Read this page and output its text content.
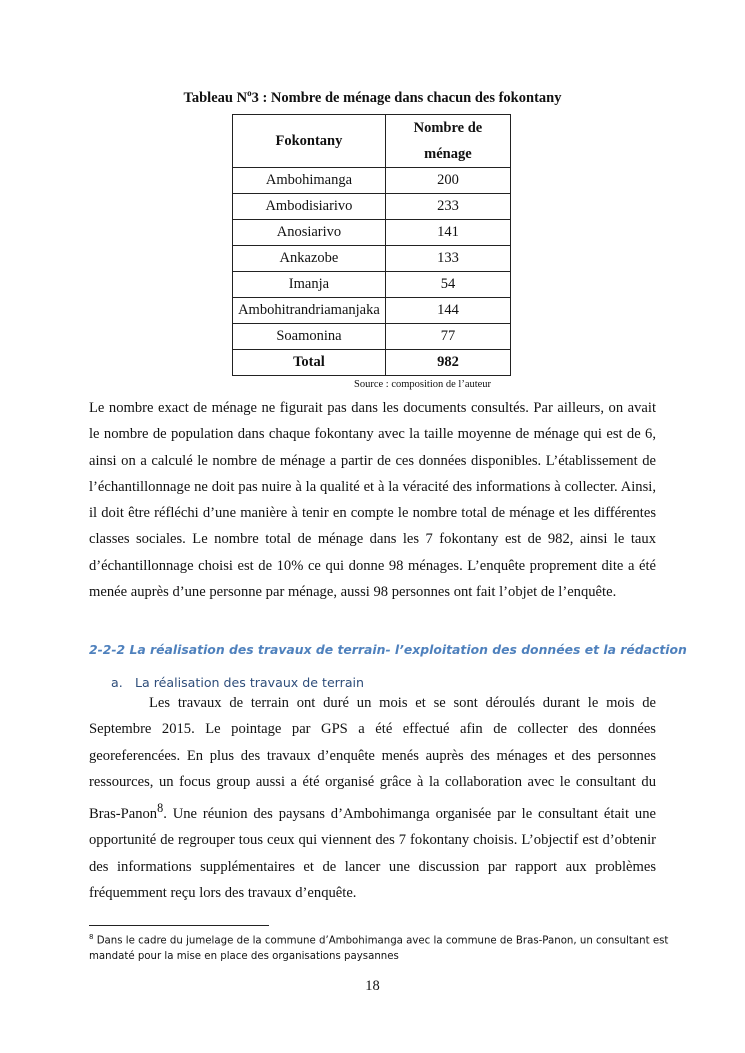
Tableau $N^o3$ : Nombre de ménage dans chacun des fokontany
Fokontany	Nombre de
ménage
Ambohimanga	200
Ambodisiarivo	233
Anosiarivo	141
Ankazobe	133
Imanja	54
Ambohitrandriamanjaka	144
Soamonina	77
Total	982
Source : composition de l’auteur

Le nombre exact de ménage ne figurait pas dans les documents consultés. Par ailleurs, on avait le nombre de population dans chaque fokontany avec la taille moyenne de ménage qui est de 6, ainsi on a calculé le nombre de ménage a partir de ces données disponibles. L’établissement de l’échantillonnage ne doit pas nuire à la qualité et à la véracité des informations à collecter. Ainsi, il doit être réfléchi d’une manière à tenir en compte le nombre total de ménage et les différentes classes sociales. Le nombre total de ménage dans les 7 fokontany est de 982, ainsi le taux d’échantillonnage choisi est de 10% ce qui donne 98 ménages. L’enquête proprement dite a été menée auprès d’une personne par ménage, aussi 98 personnes ont fait l’objet de l’enquête.

2-2-2 La réalisation des travaux de terrain- l’exploitation des données et la rédaction
a. La réalisation des travaux de terrain

Les travaux de terrain ont duré un mois et se sont déroulés durant le mois de Septembre 2015. Le pointage par GPS a été effectué afin de collecter des données georeferencées. En plus des travaux d’enquête menés auprès des ménages et des personnes ressources, un focus group aussi a été organisé grâce à la collaboration avec le consultant du Bras-Panon$^8$. Une réunion des paysans d’Ambohimanga organisée par le consultant était une opportunité de regrouper tous ceux qui viennent des 7 fokontany choisis. L’objectif est d’obtenir des informations supplémentaires et de lancer une discussion par rapport aux problèmes fréquemment reçu lors des travaux d’enquête.

$^8$ Dans le cadre du jumelage de la commune d’Ambohimanga avec la commune de Bras-Panon, un consultant est mandaté pour la mise en place des organisations paysannes

18
